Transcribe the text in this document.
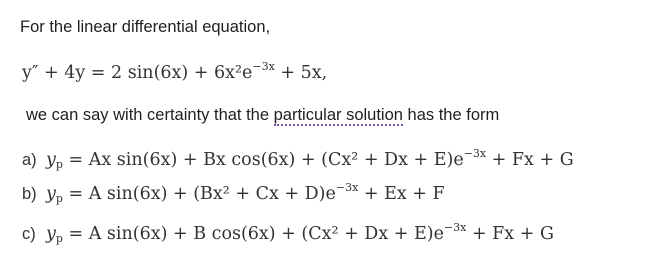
For the linear differential equation,
y″ + 4y = 2 $\sin(6x) + 6x^2e^{-3x} + 5x$,
we can say with certainty that the particular solution has the form
a) $y_p = Ax$ sin(6x) + Bx $\cos(6x) + (Cx^2 + Dx + E)e^{-3x} + Fx + G$
b) $y_p = A$ $\sin(6x) + (Bx^2 + Cx + D)e^{-3x} + Ex + F$
c) $y_p = A$ sin(6x) + B $\cos(6x) + (Cx^2 + Dx + E)e^{-3x} + Fx + G$
